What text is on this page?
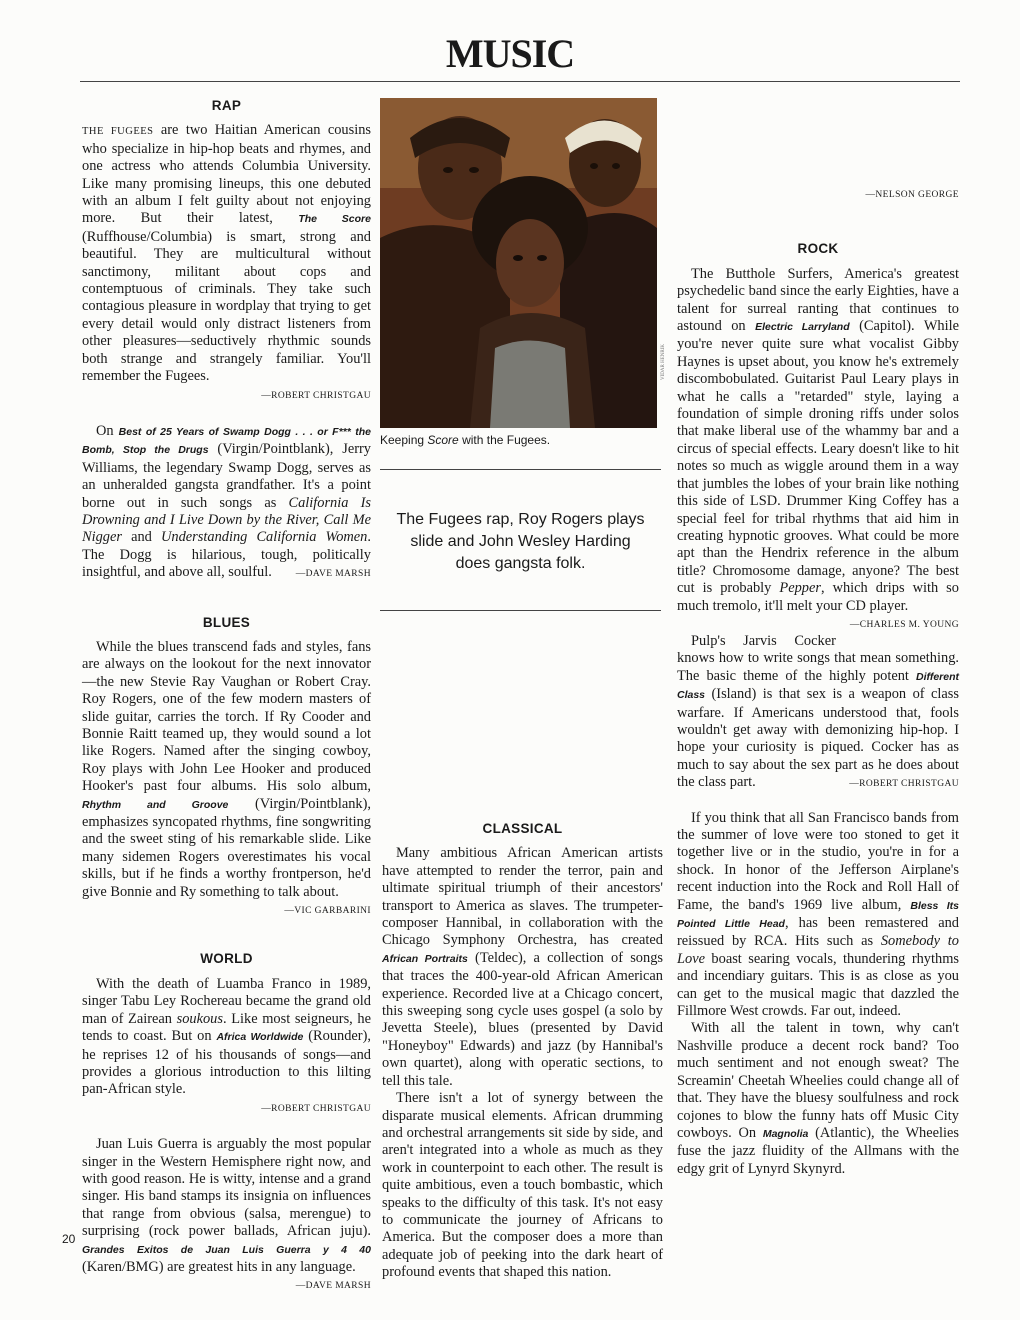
MUSIC
RAP

THE FUGEES are two Haitian American cousins who specialize in hip-hop beats and rhymes, and one actress who attends Columbia University. Like many promising lineups, this one debuted with an album I felt guilty about not enjoying more. But their latest, The Score (Ruffhouse/Columbia) is smart, strong and beautiful. They are multicultural without sanctimony, militant about cops and contemptuous of criminals. They take such contagious pleasure in wordplay that trying to get every detail would only distract listeners from other pleasures—seductively rhythmic sounds both strange and strangely familiar. You'll remember the Fugees.

—ROBERT CHRISTGAU

On Best of 25 Years of Swamp Dogg . . . or F*** the Bomb, Stop the Drugs (Virgin/Pointblank), Jerry Williams, the legendary Swamp Dogg, serves as an unheralded gangsta grandfather. It's a point borne out in such songs as California Is Drowning and I Live Down by the River, Call Me Nigger and Understanding California Women. The Dogg is hilarious, tough, politically insightful, and above all, soulful.	—DAVE MARSH

BLUES

While the blues transcend fads and styles, fans are always on the lookout for the next innovator—the new Stevie Ray Vaughan or Robert Cray. Roy Rogers, one of the few modern masters of slide guitar, carries the torch. If Ry Cooder and Bonnie Raitt teamed up, they would sound a lot like Rogers. Named after the singing cowboy, Roy plays with John Lee Hooker and produced Hooker's past four albums. His solo album, Rhythm and Groove (Virgin/Pointblank), emphasizes syncopated rhythms, fine songwriting and the sweet sting of his remarkable slide. Like many sidemen Rogers overestimates his vocal skills, but if he finds a worthy frontperson, he'd give Bonnie and Ry something to talk about.

—VIC GARBARINI

WORLD

With the death of Luamba Franco in 1989, singer Tabu Ley Rochereau became the grand old man of Zairean soukous. Like most seigneurs, he tends to coast. But on Africa Worldwide (Rounder), he reprises 12 of his thousands of songs—and provides a glorious introduction to this lilting pan-African style.

—ROBERT CHRISTGAU

Juan Luis Guerra is arguably the most popular singer in the Western Hemisphere right now, and with good reason. He is witty, intense and a grand singer. His band stamps its insignia on influences that range from obvious (salsa, merengue) to surprising (rock power ballads, African juju). Grandes Exitos de Juan Luis Guerra y 4 40 (Karen/BMG) are greatest hits in any language.

—DAVE MARSH

VIDAR HENRIK
Keeping Score with the Fugees.
The Fugees rap, Roy Rogers plays slide and John Wesley Harding does gangsta folk.

CLASSICAL

Many ambitious African American artists have attempted to render the terror, pain and ultimate spiritual triumph of their ancestors' transport to America as slaves. The trumpeter-composer Hannibal, in collaboration with the Chicago Symphony Orchestra, has created African Portraits (Teldec), a collection of songs that traces the 400-year-old African American experience. Recorded live at a Chicago concert, this sweeping song cycle uses gospel (a solo by Jevetta Steele), blues (presented by David "Honeyboy" Edwards) and jazz (by Hannibal's own quartet), along with operatic sections, to tell this tale.

There isn't a lot of synergy between the disparate musical elements. African drumming and orchestral arrangements sit side by side, and aren't integrated into a whole as much as they work in counterpoint to each other. The result is quite ambitious, even a touch bombastic, which speaks to the difficulty of this task. It's not easy to communicate the journey of Africans to America. But the composer does a more than adequate job of peeking into the dark heart of profound events that shaped this nation.

—NELSON GEORGE

ROCK

The Butthole Surfers, America's greatest psychedelic band since the early Eighties, have a talent for surreal ranting that continues to astound on Electric Larryland (Capitol). While you're never quite sure what vocalist Gibby Haynes is upset about, you know he's extremely discombobulated. Guitarist Paul Leary plays in what he calls a "retarded" style, laying a foundation of simple droning riffs under solos that make liberal use of the whammy bar and a circus of special effects. Leary doesn't like to hit notes so much as wiggle around them in a way that jumbles the lobes of your brain like nothing this side of LSD. Drummer King Coffey has a special feel for tribal rhythms that aid him in creating hypnotic grooves. What could be more apt than the Hendrix reference in the album title? Chromosome damage, anyone? The best cut is probably Pepper, which drips with so much tremolo, it'll melt your CD player.
—CHARLES M. YOUNG

Pulp's Jarvis Cocker knows how to write songs that mean something. The basic theme of the highly potent Different Class (Island) is that sex is a weapon of class warfare. If Americans understood that, fools wouldn't get away with demonizing hip-hop. I hope your curiosity is piqued. Cocker has as much to say about the sex part as he does about the class part.	—ROBERT CHRISTGAU

If you think that all San Francisco bands from the summer of love were too stoned to get it together live or in the studio, you're in for a shock. In honor of the Jefferson Airplane's recent induction into the Rock and Roll Hall of Fame, the band's 1969 live album, Bless Its Pointed Little Head, has been remastered and reissued by RCA. Hits such as Somebody to Love boast searing vocals, thundering rhythms and incendiary guitars. This is as close as you can get to the musical magic that dazzled the Fillmore West crowds. Far out, indeed.

With all the talent in town, why can't Nashville produce a decent rock band? Too much sentiment and not enough sweat? The Screamin' Cheetah Wheelies could change all of that. They have the bluesy soulfulness and rock cojones to blow the funny hats off Music City cowboys. On Magnolia (Atlantic), the Wheelies fuse the jazz fluidity of the Allmans with the edgy grit of Lynyrd Skynyrd.

20
